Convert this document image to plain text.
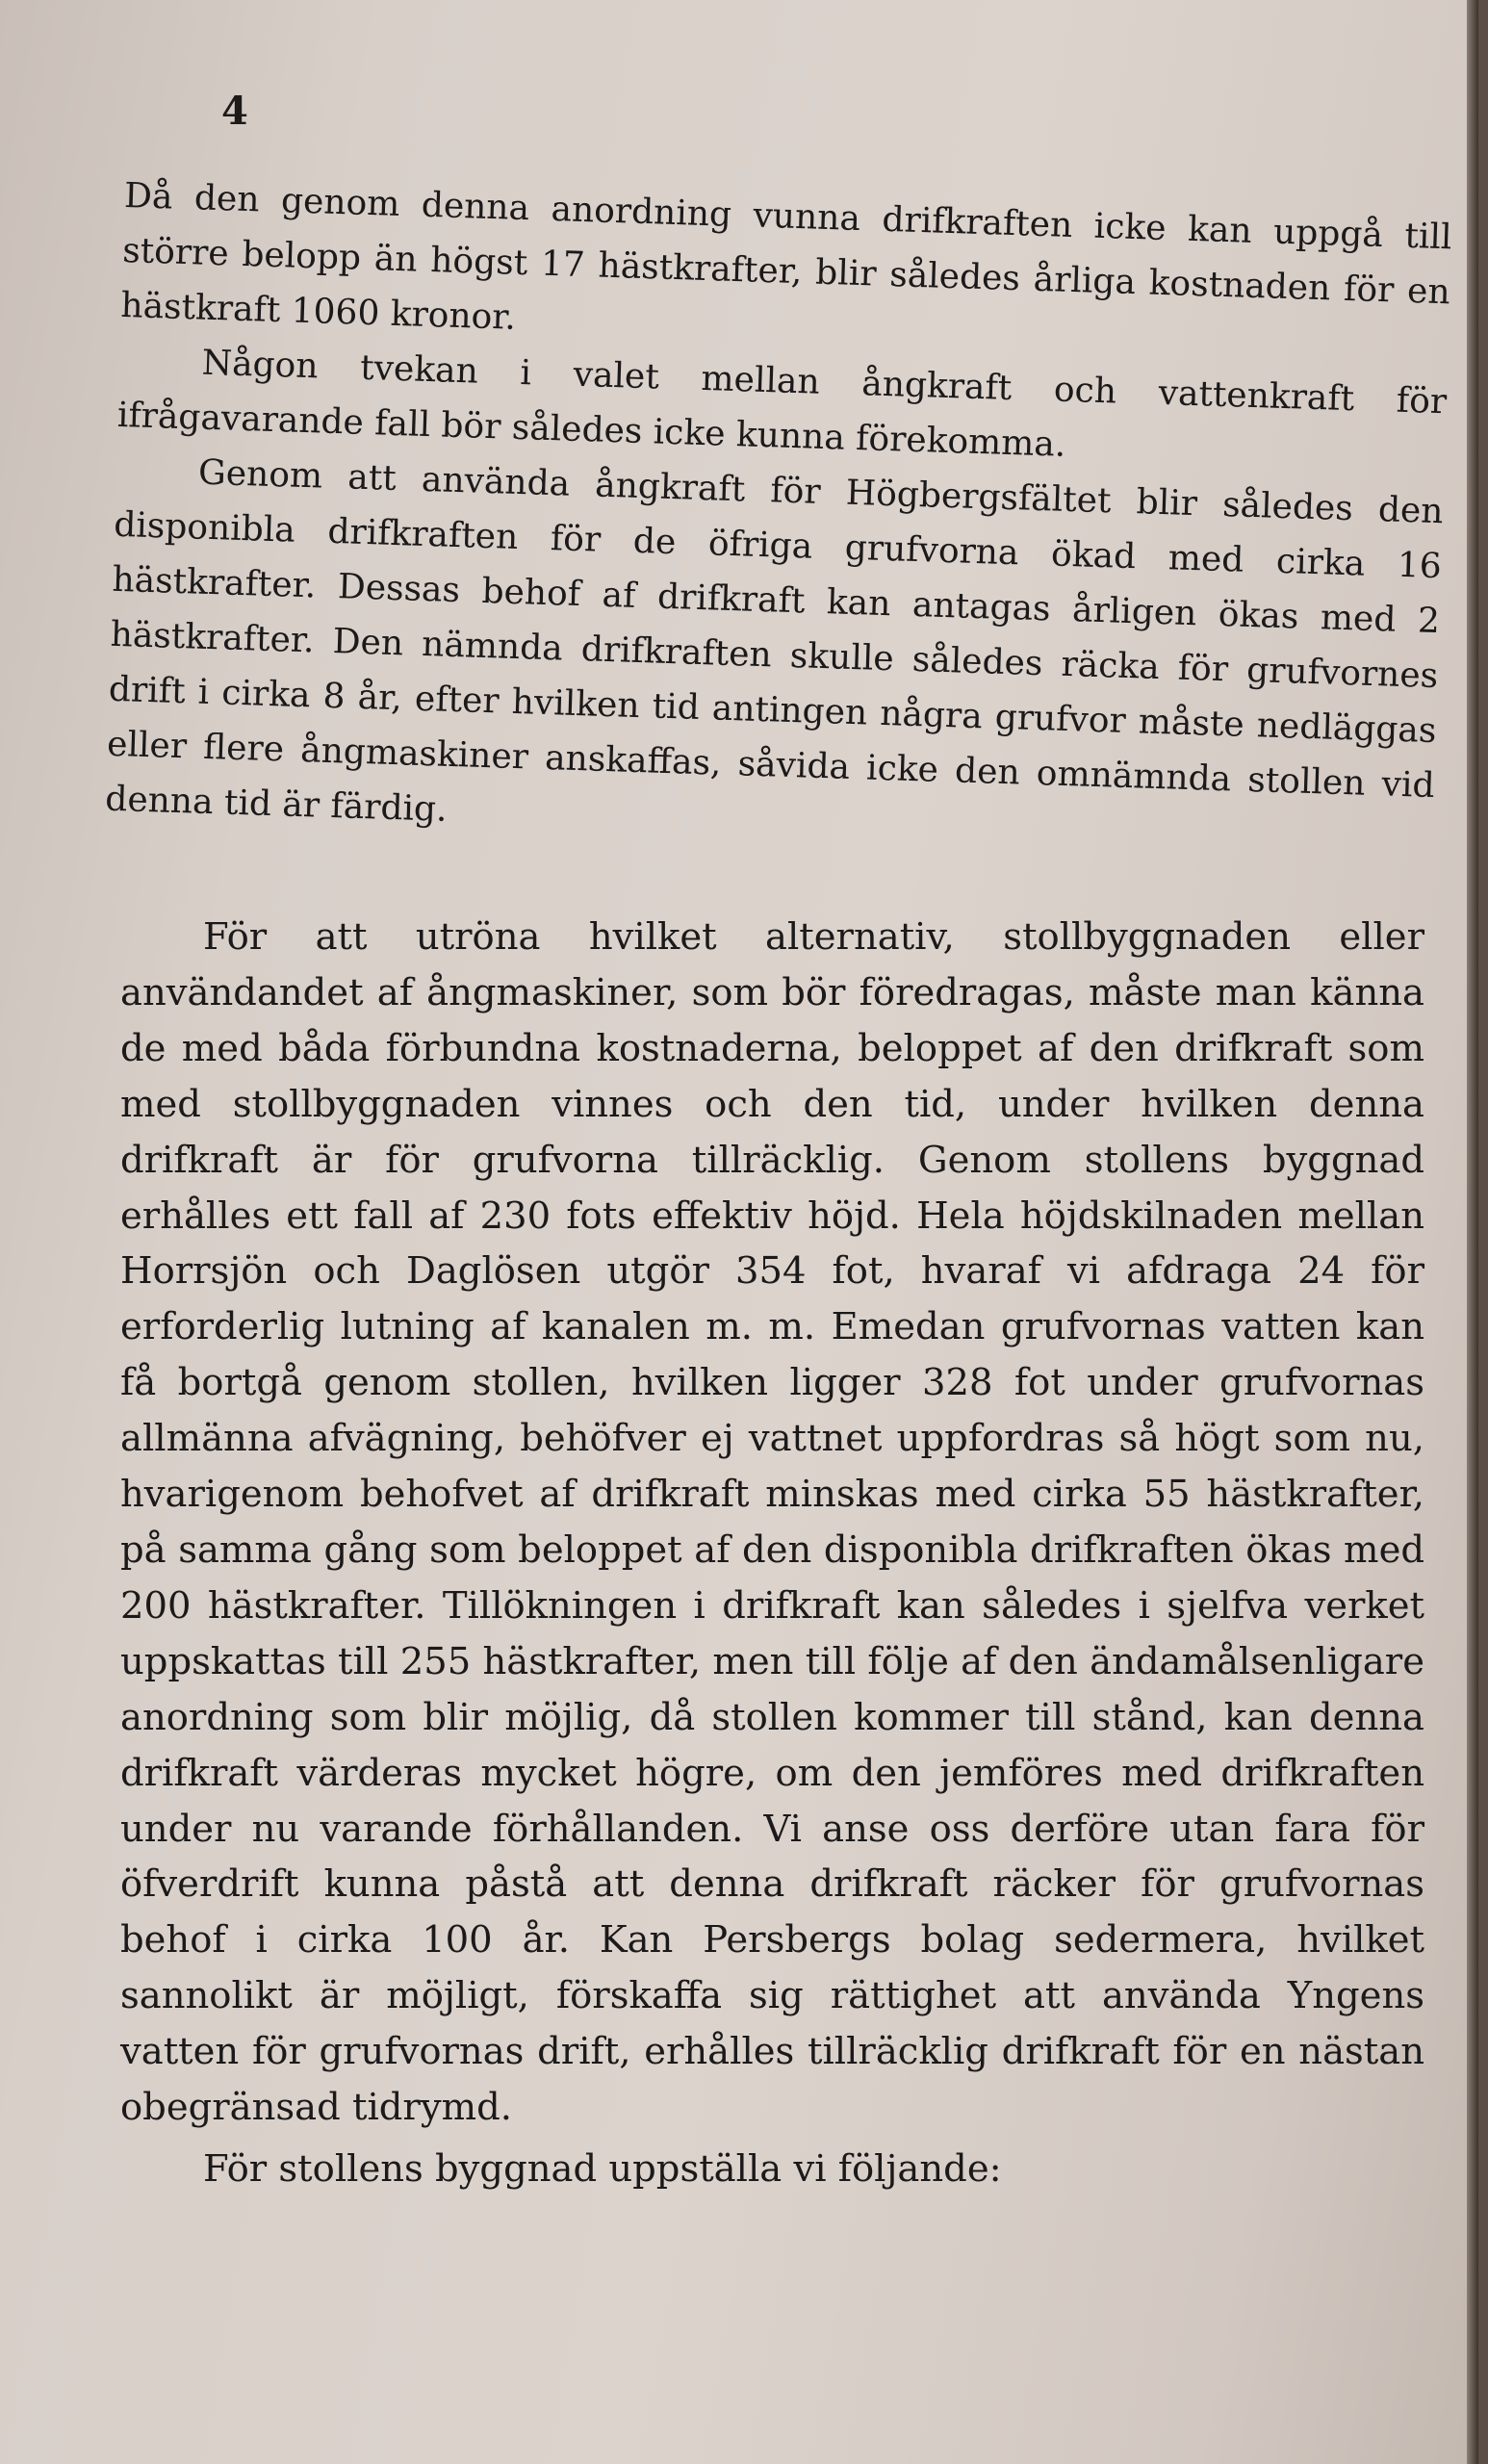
4

Då den genom denna anordning vunna drifkraften icke kan uppgå till större belopp än högst 17 hästkrafter, blir således årliga kostnaden för en hästkraft 1060 kronor.

Någon tvekan i valet mellan ångkraft och vattenkraft för ifrågavarande fall bör således icke kunna förekomma.

Genom att använda ångkraft för Högbergsfältet blir således den disponibla drifkraften för de öfriga grufvorna ökad med cirka 16 hästkrafter. Dessas behof af drifkraft kan antagas årligen ökas med 2 hästkrafter. Den nämnda drifkraften skulle således räcka för grufvornes drift i cirka 8 år, efter hvilken tid antingen några grufvor måste nedläggas eller flere ångmaskiner anskaffas, såvida icke den omnämnda stollen vid denna tid är färdig.

För att utröna hvilket alternativ, stollbyggnaden eller användandet af ångmaskiner, som bör föredragas, måste man känna de med båda förbundna kostnaderna, beloppet af den drifkraft som med stollbyggnaden vinnes och den tid, under hvilken denna drifkraft är för grufvorna tillräcklig. Genom stollens byggnad erhålles ett fall af 230 fots effektiv höjd. Hela höjdskilnaden mellan Horrsjön och Daglösen utgör 354 fot, hvaraf vi afdraga 24 för erforderlig lutning af kanalen m. m. Emedan grufvornas vatten kan få bortgå genom stollen, hvilken ligger 328 fot under grufvornas allmänna afvägning, behöfver ej vattnet uppfordras så högt som nu, hvarigenom behofvet af drifkraft minskas med cirka 55 hästkrafter, på samma gång som beloppet af den disponibla drifkraften ökas med 200 hästkrafter. Tillökningen i drifkraft kan således i sjelfva verket uppskattas till 255 hästkrafter, men till följe af den ändamålsenligare anordning som blir möjlig, då stollen kommer till stånd, kan denna drifkraft värderas mycket högre, om den jemföres med drifkraften under nu varande förhållanden. Vi anse oss derföre utan fara för öfverdrift kunna påstå att denna drifkraft räcker för grufvornas behof i cirka 100 år. Kan Persbergs bolag sedermera, hvilket sannolikt är möjligt, förskaffa sig rättighet att använda Yngens vatten för grufvornas drift, erhålles tillräcklig drifkraft för en nästan obegränsad tidrymd.

För stollens byggnad uppställa vi följande:
